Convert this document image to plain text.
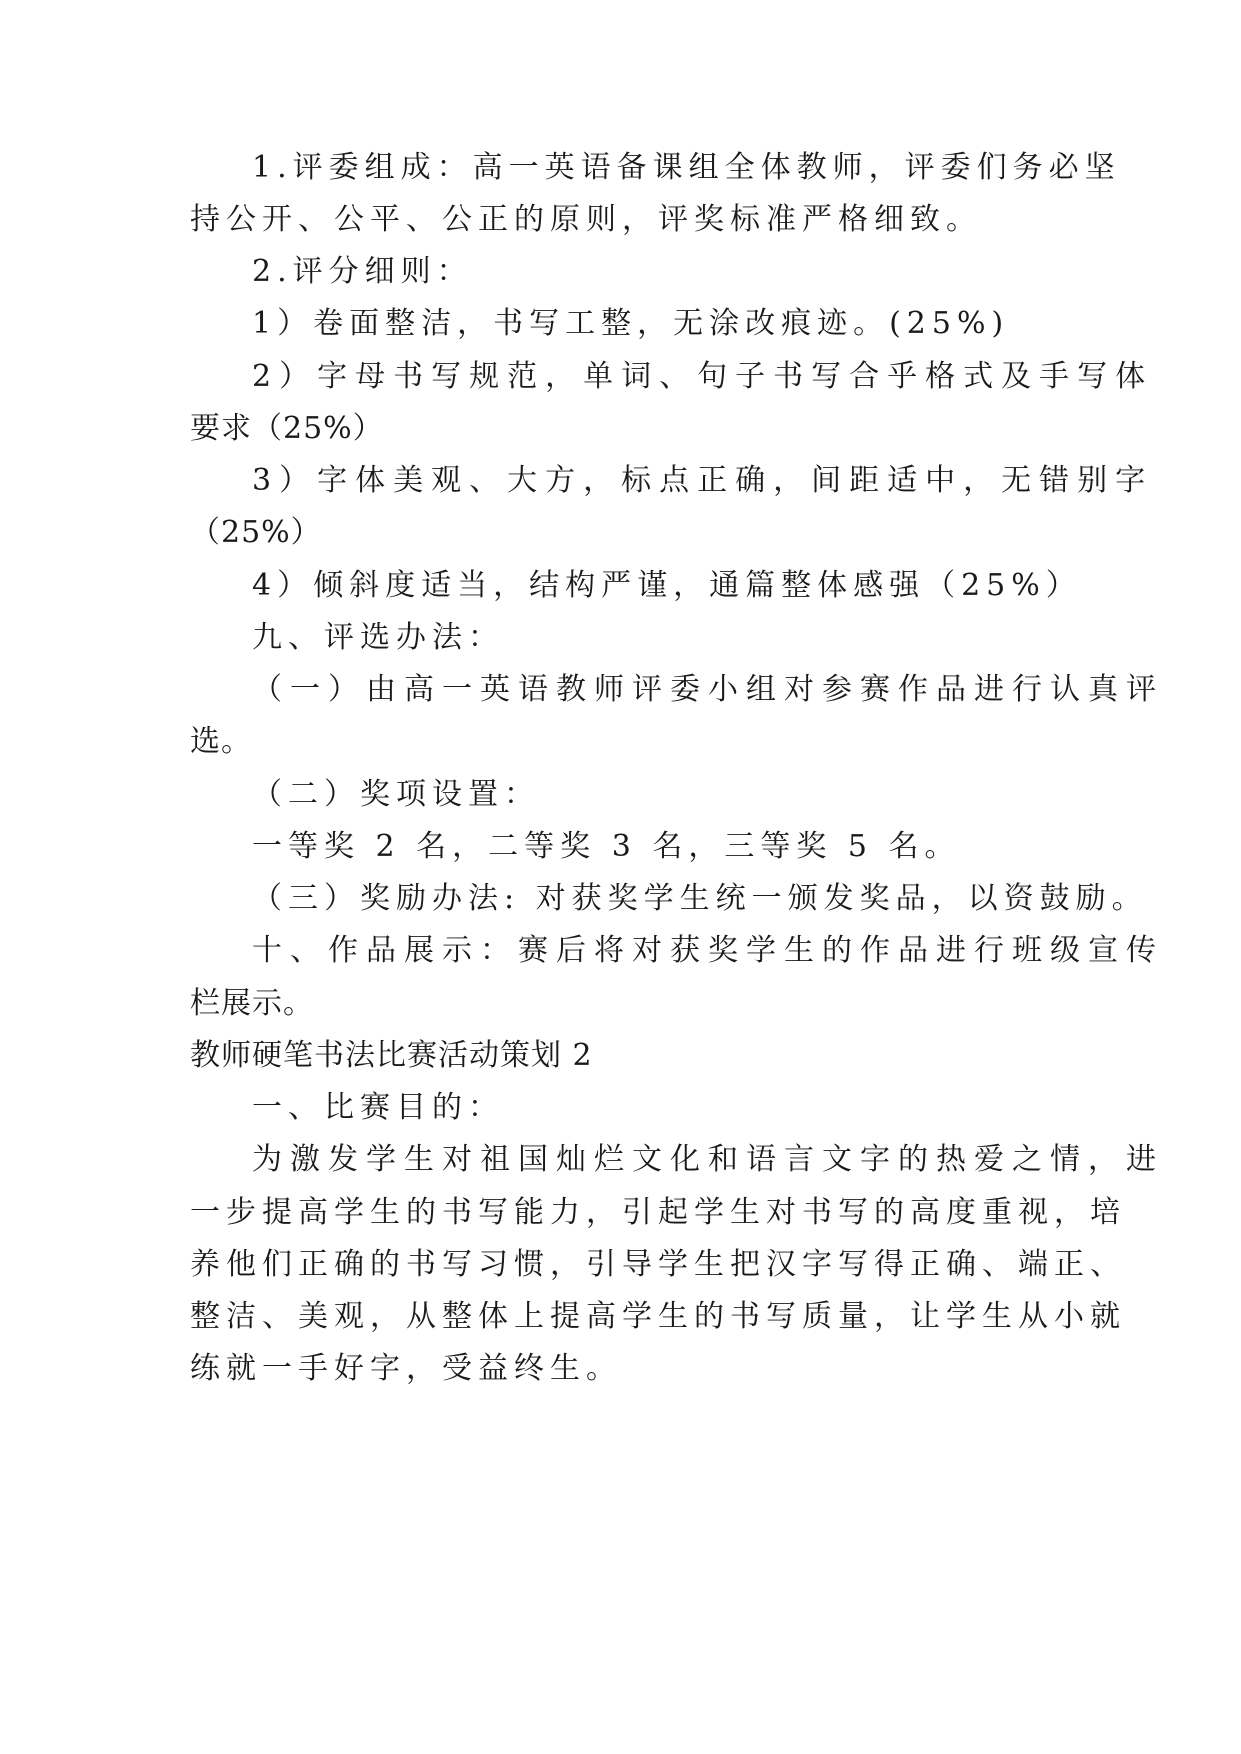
1.评委组成：高一英语备课组全体教师，评委们务必坚
持公开、公平、公正的原则，评奖标准严格细致。
2.评分细则：
1）卷面整洁，书写工整，无涂改痕迹。(25%)
2）字母书写规范，单词、句子书写合乎格式及手写体
要求（25%）
3）字体美观、大方，标点正确，间距适中，无错别字
（25%）
4）倾斜度适当，结构严谨，通篇整体感强（25%）
九、评选办法：
（一）由高一英语教师评委小组对参赛作品进行认真评
选。
（二）奖项设置：
一等奖 2 名，二等奖 3 名，三等奖 5 名。
（三）奖励办法: 对获奖学生统一颁发奖品，以资鼓励。
十、作品展示：赛后将对获奖学生的作品进行班级宣传
栏展示。
教师硬笔书法比赛活动策划 2
一、比赛目的：
为激发学生对祖国灿烂文化和语言文字的热爱之情，进
一步提高学生的书写能力，引起学生对书写的高度重视，培
养他们正确的书写习惯，引导学生把汉字写得正确、端正、
整洁、美观，从整体上提高学生的书写质量，让学生从小就
练就一手好字，受益终生。
